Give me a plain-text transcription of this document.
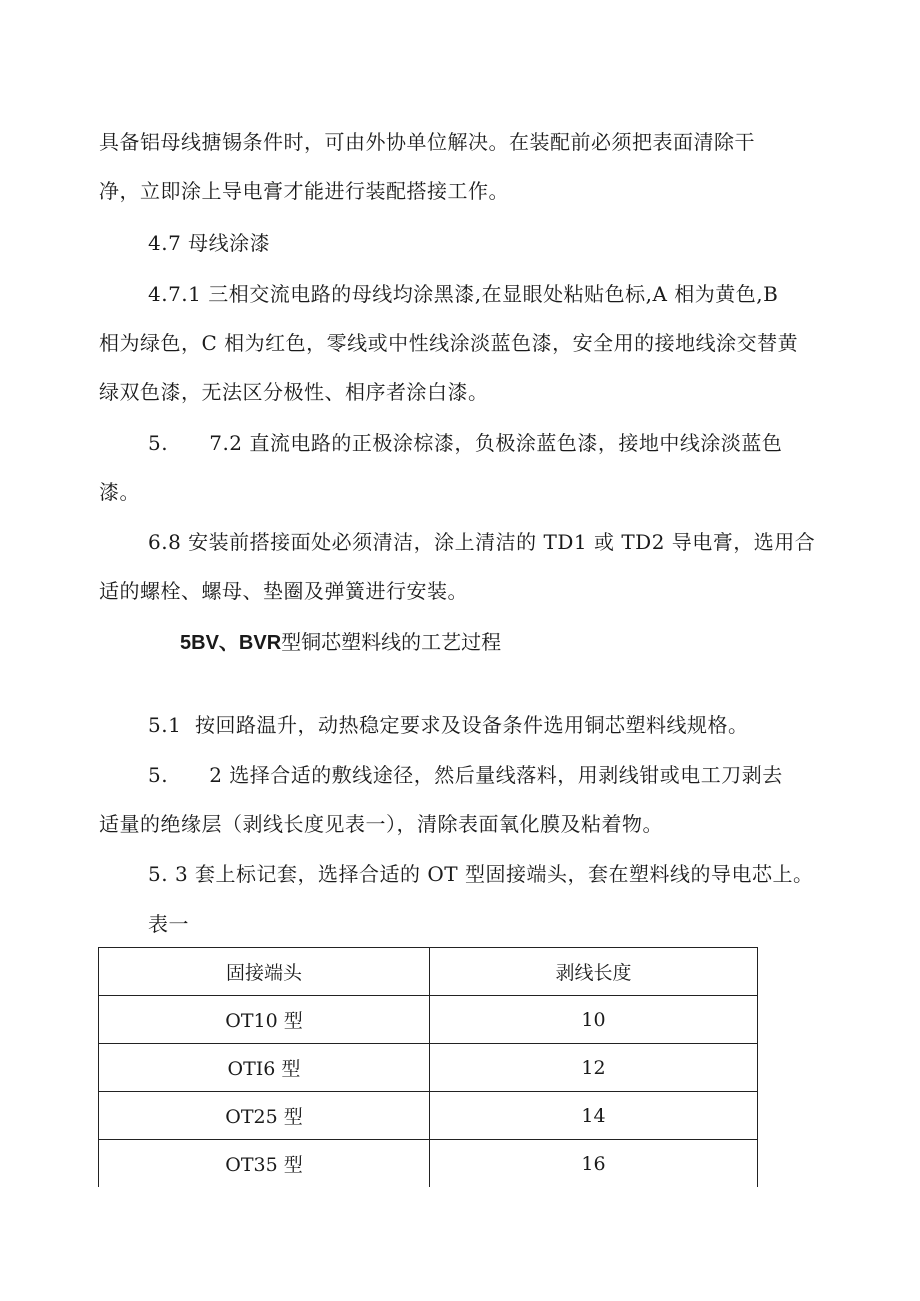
具备铝母线搪锡条件时，可由外协单位解决。在装配前必须把表面清除干
净，立即涂上导电膏才能进行装配搭接工作。
4.7 母线涂漆
4.7.1 三相交流电路的母线均涂黑漆,在显眼处粘贴色标,A 相为黄色,B
相为绿色，C 相为红色，零线或中性线涂淡蓝色漆，安全用的接地线涂交替黄
绿双色漆，无法区分极性、相序者涂白漆。
5.      7.2 直流电路的正极涂棕漆，负极涂蓝色漆，接地中线涂淡蓝色
漆。
6.8 安装前搭接面处必须清洁，涂上清洁的 TD1 或 TD2 导电膏，选用合
适的螺栓、螺母、垫圈及弹簧进行安装。
5BV、BVR型铜芯塑料线的工艺过程
5.1  按回路温升，动热稳定要求及设备条件选用铜芯塑料线规格。
5.      2 选择合适的敷线途径，然后量线落料，用剥线钳或电工刀剥去
适量的绝缘层（剥线长度见表一），清除表面氧化膜及粘着物。
5. 3 套上标记套，选择合适的 OT 型固接端头，套在塑料线的导电芯上。
表一
固接端头	剥线长度
OT10 型	10
OTI6 型	12
OT25 型	14
OT35 型	16
